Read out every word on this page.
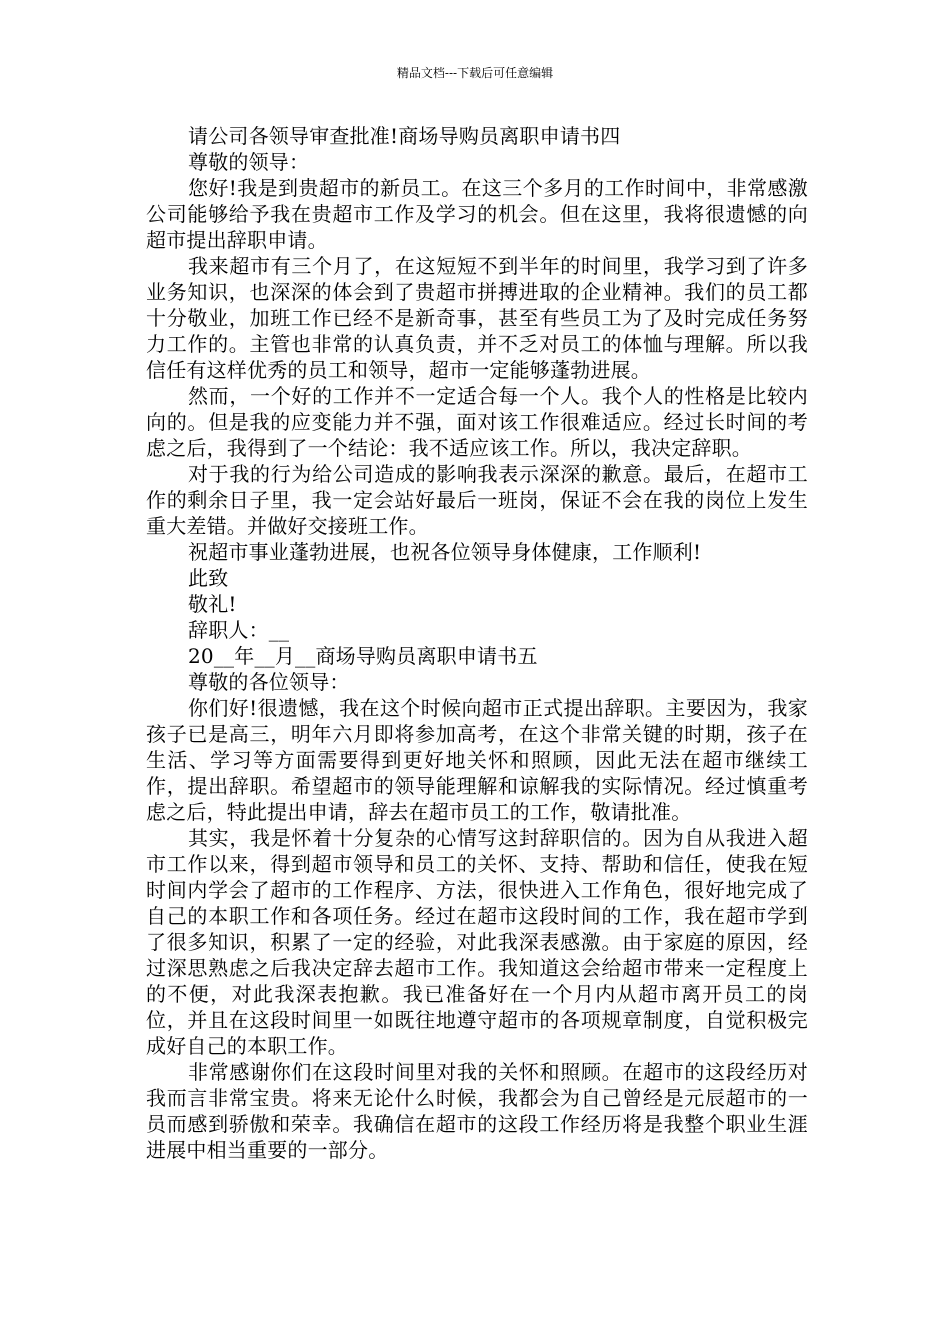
精品文档---下载后可任意编辑

请公司各领导审查批准!商场导购员离职申请书四

尊敬的领导：

您好!我是到贵超市的新员工。在这三个多月的工作时间中，非常感激公司能够给予我在贵超市工作及学习的机会。但在这里，我将很遗憾的向超市提出辞职申请。

我来超市有三个月了，在这短短不到半年的时间里，我学习到了许多业务知识，也深深的体会到了贵超市拼搏进取的企业精神。我们的员工都十分敬业，加班工作已经不是新奇事，甚至有些员工为了及时完成任务努力工作的。主管也非常的认真负责，并不乏对员工的体恤与理解。所以我信任有这样优秀的员工和领导，超市一定能够蓬勃进展。

然而，一个好的工作并不一定适合每一个人。我个人的性格是比较内向的。但是我的应变能力并不强，面对该工作很难适应。经过长时间的考虑之后，我得到了一个结论：我不适应该工作。所以，我决定辞职。

对于我的行为给公司造成的影响我表示深深的歉意。最后，在超市工作的剩余日子里，我一定会站好最后一班岗，保证不会在我的岗位上发生重大差错。并做好交接班工作。

祝超市事业蓬勃进展，也祝各位领导身体健康，工作顺利!

此致

敬礼!

辞职人：__

20__年__月__商场导购员离职申请书五

尊敬的各位领导：

你们好!很遗憾，我在这个时候向超市正式提出辞职。主要因为，我家孩子已是高三，明年六月即将参加高考，在这个非常关键的时期，孩子在生活、学习等方面需要得到更好地关怀和照顾，因此无法在超市继续工作，提出辞职。希望超市的领导能理解和谅解我的实际情况。经过慎重考虑之后，特此提出申请，辞去在超市员工的工作，敬请批准。

其实，我是怀着十分复杂的心情写这封辞职信的。因为自从我进入超市工作以来，得到超市领导和员工的关怀、支持、帮助和信任，使我在短时间内学会了超市的工作程序、方法，很快进入工作角色，很好地完成了自己的本职工作和各项任务。经过在超市这段时间的工作，我在超市学到了很多知识，积累了一定的经验，对此我深表感激。由于家庭的原因，经过深思熟虑之后我决定辞去超市工作。我知道这会给超市带来一定程度上的不便，对此我深表抱歉。我已准备好在一个月内从超市离开员工的岗位，并且在这段时间里一如既往地遵守超市的各项规章制度，自觉积极完成好自己的本职工作。

非常感谢你们在这段时间里对我的关怀和照顾。在超市的这段经历对我而言非常宝贵。将来无论什么时候，我都会为自己曾经是元辰超市的一员而感到骄傲和荣幸。我确信在超市的这段工作经历将是我整个职业生涯进展中相当重要的一部分。
